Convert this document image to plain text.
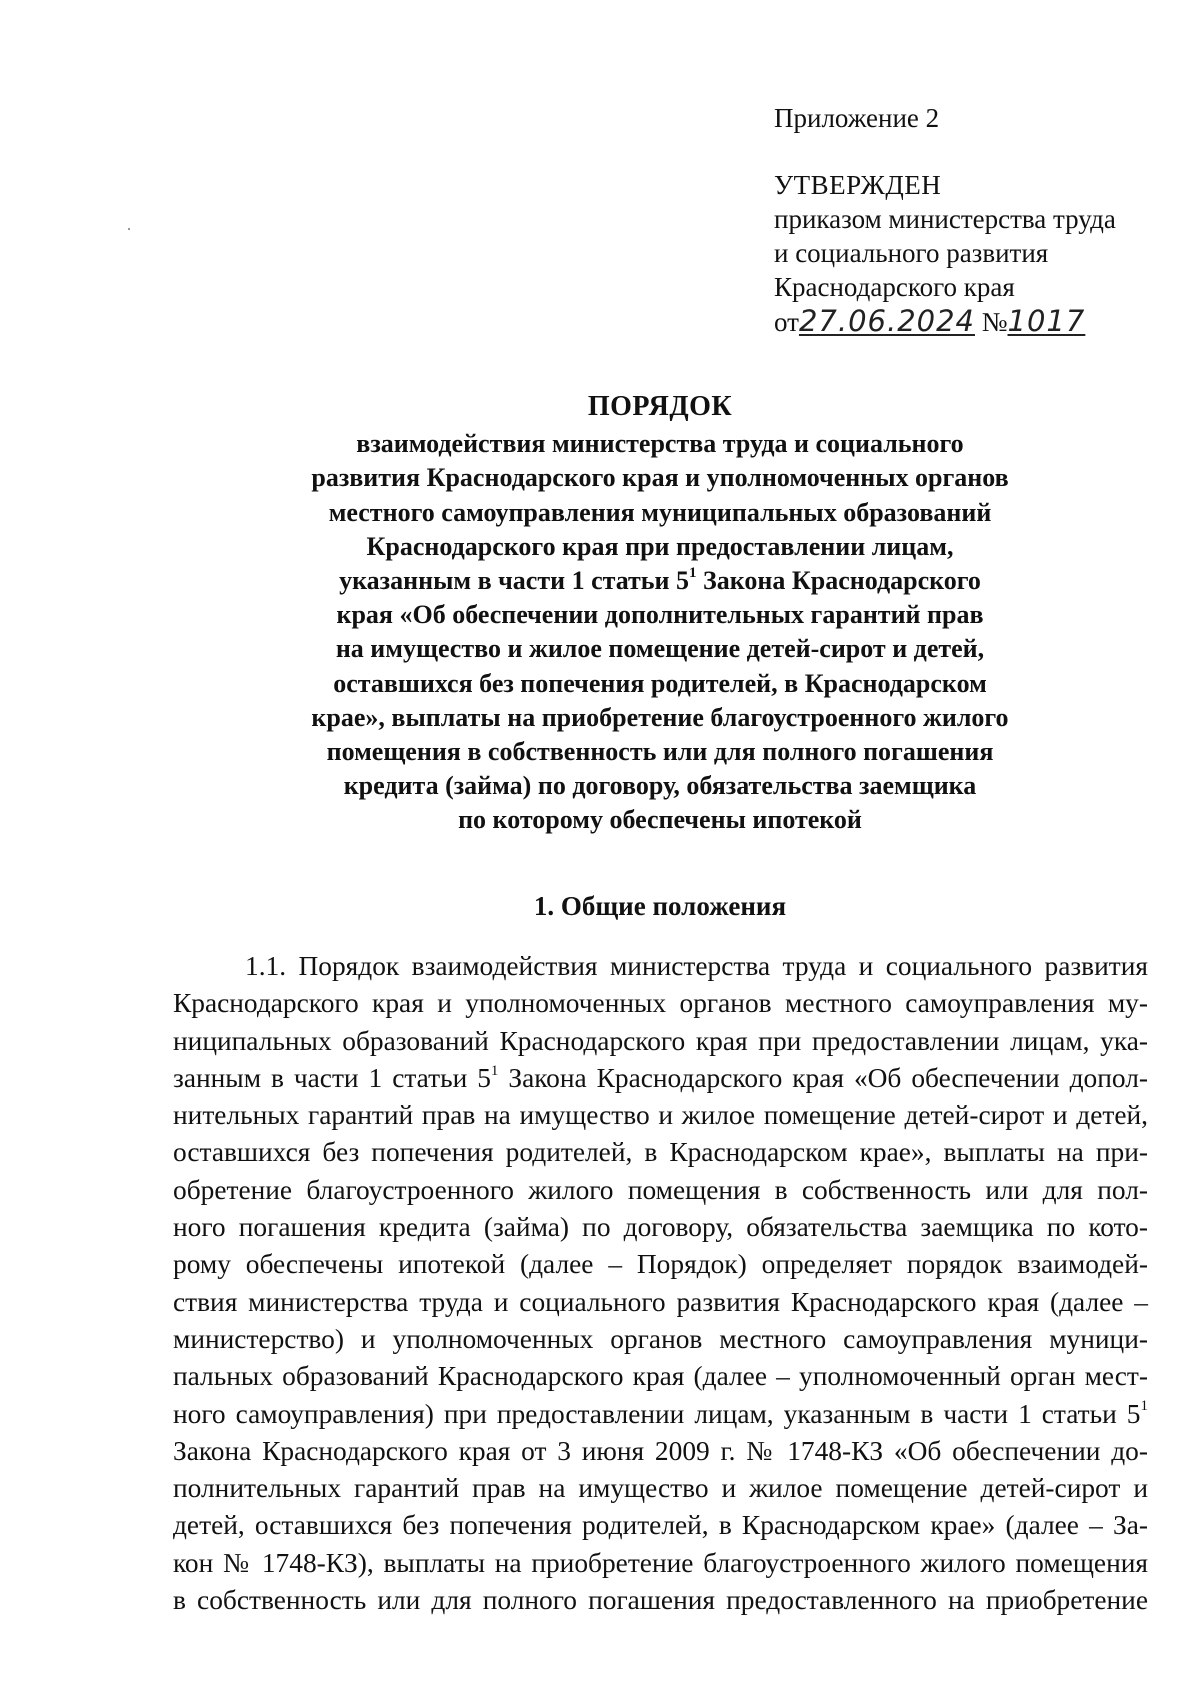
Приложение 2
УТВЕРЖДЕН
приказом министерства труда
и социального развития
Краснодарского края
от27.06.2024 №1017
ПОРЯДОК
взаимодействия министерства труда и социального
развития Краснодарского края и уполномоченных органов
местного самоуправления муниципальных образований
Краснодарского края при предоставлении лицам,
указанным в части 1 статьи $5^1$ Закона Краснодарского
края «Об обеспечении дополнительных гарантий прав
на имущество и жилое помещение детей-сирот и детей,
оставшихся без попечения родителей, в Краснодарском
крае», выплаты на приобретение благоустроенного жилого
помещения в собственность или для полного погашения
кредита (займа) по договору, обязательства заемщика
по которому обеспечены ипотекой
1. Общие положения
1.1. Порядок взаимодействия министерства труда и социального развития
Краснодарского края и уполномоченных органов местного самоуправления му-
ниципальных образований Краснодарского края при предоставлении лицам, ука-
занным в части 1 статьи $5^1$ Закона Краснодарского края «Об обеспечении допол-
нительных гарантий прав на имущество и жилое помещение детей-сирот и детей,
оставшихся без попечения родителей, в Краснодарском крае», выплаты на при-
обретение благоустроенного жилого помещения в собственность или для пол-
ного погашения кредита (займа) по договору, обязательства заемщика по кото-
рому обеспечены ипотекой (далее – Порядок) определяет порядок взаимодей-
ствия министерства труда и социального развития Краснодарского края (далее –
министерство) и уполномоченных органов местного самоуправления муници-
пальных образований Краснодарского края (далее – уполномоченный орган мест-
ного самоуправления) при предоставлении лицам, указанным в части 1 статьи $5^1$
Закона Краснодарского края от 3 июня 2009 г. № 1748-КЗ «Об обеспечении до-
полнительных гарантий прав на имущество и жилое помещение детей-сирот и
детей, оставшихся без попечения родителей, в Краснодарском крае» (далее – За-
кон № 1748-КЗ), выплаты на приобретение благоустроенного жилого помещения
в собственность или для полного погашения предоставленного на приобретение
